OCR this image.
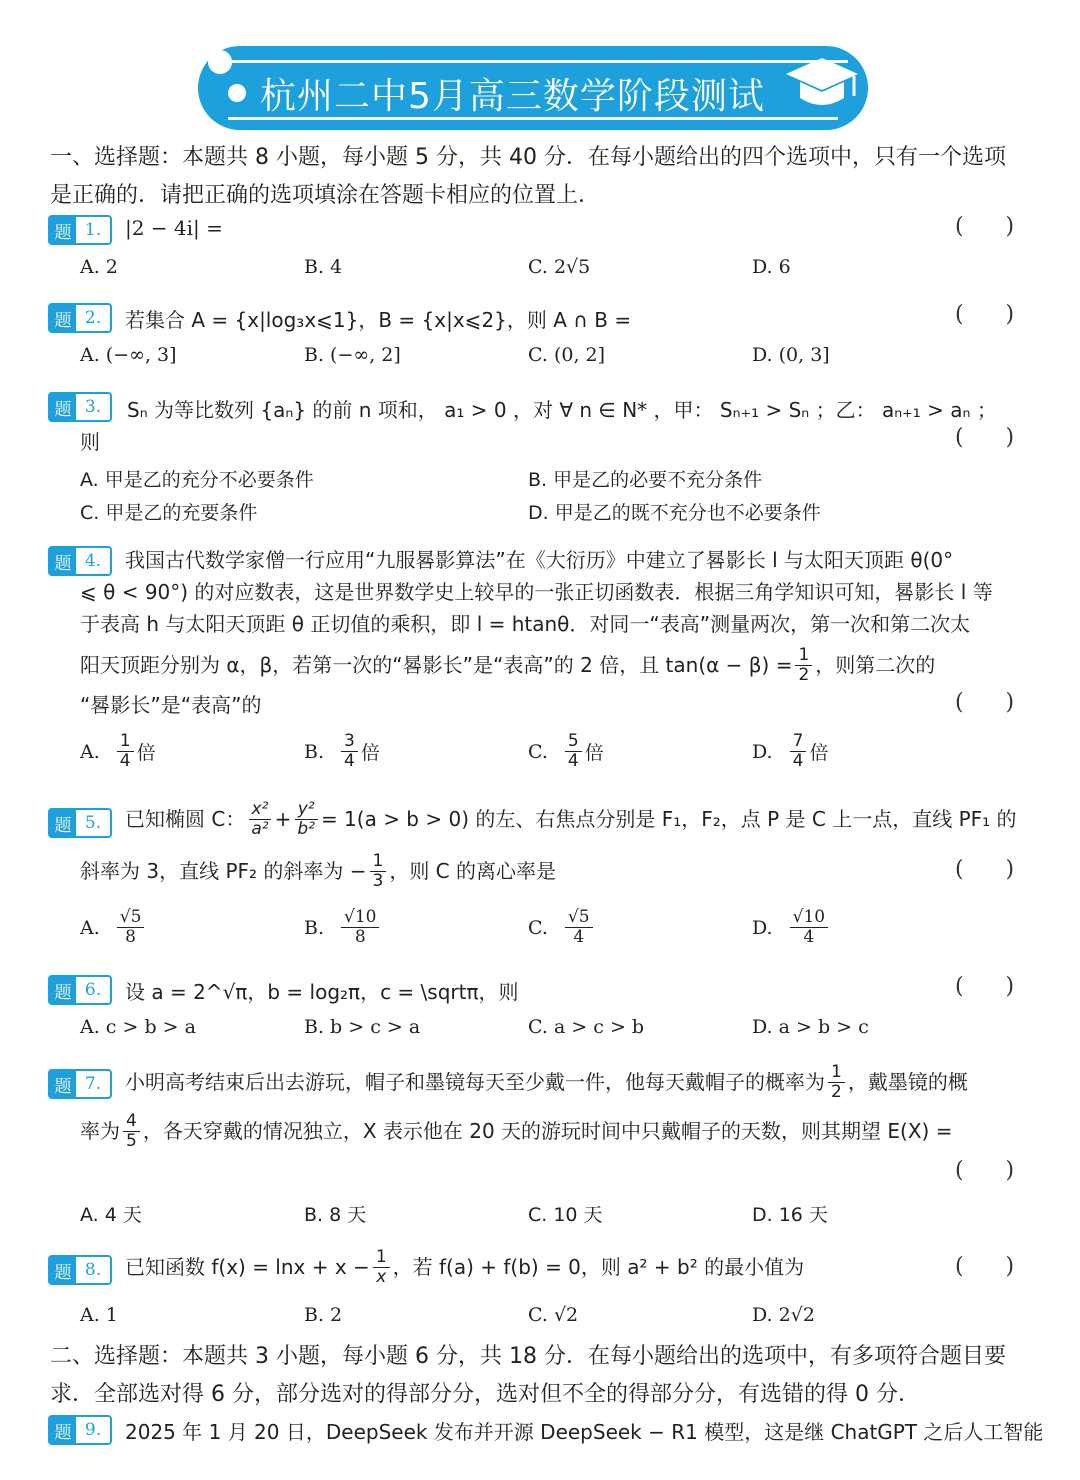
杭州二中5月高三数学阶段测试
一、选择题：本题共 8 小题，每小题 5 分，共 40 分．在每小题给出的四个选项中，只有一个选项是正确的．请把正确的选项填涂在答题卡相应的位置上．
题 1.	|2 − 4i| =	(      )
A. 2	B. 4	C. 2√5	D. 6
题 2.	若集合 A = {x|log₃x⩽1}，B = {x|x⩽2}，则 A ∩ B =	(      )
A. (−∞, 3]	B. (−∞, 2]	C. (0, 2]	D. (0, 3]
题 3.	Sₙ 为等比数列 {aₙ} 的前 n 项和， a₁ > 0 ，对 ∀ n ∈ N* ，甲： Sₙ₊₁ > Sₙ ；乙： aₙ₊₁ > aₙ ；
则	(      )
A. 甲是乙的充分不必要条件	B. 甲是乙的必要不充分条件
C. 甲是乙的充要条件	D. 甲是乙的既不充分也不必要条件
题 4.	我国古代数学家僧一行应用“九服晷影算法”在《大衍历》中建立了晷影长 l 与太阳天顶距 θ(0°
⩽ θ < 90°) 的对应数表，这是世界数学史上较早的一张正切函数表．根据三角学知识可知，晷影长 l 等
于表高 h 与太阳天顶距 θ 正切值的乘积，即 l = htanθ．对同一“表高”测量两次，第一次和第二次太
阳天顶距分别为 α，β，若第一次的“晷影长”是“表高”的 2 倍，且 $\tan(\alpha - \beta) = \frac{1}{2}$ ，则第二次的
“晷影长”是“表高”的	(      )
A. $\frac{1}{4}$ 倍	B. $\frac{3}{4}$ 倍	C. $\frac{5}{4}$ 倍	D. $\frac{7}{4}$ 倍
题 5.	已知椭圆 C： $\frac{\text{x²}}{\text{a²}} + \frac{\text{y²}}{\text{b²}} = 1(a > b > 0)$ 的左、右焦点分别是 F₁，F₂，点 P 是 C 上一点，直线 PF₁ 的
斜率为 3，直线 PF₂ 的斜率为 − $\frac{1}{3}$ ，则 C 的离心率是	(      )
A. $\frac{√5}{8}$	B. $\frac{√10}{8}$	C. $\frac{√5}{4}$	D. $\frac{√10}{4}$
题 6.	设 a = 2^√π，b = log₂π，c = \sqrtπ，则	(      )
A. c > b > a	B. b > c > a	C. a > c > b	D. a > b > c
题 7.	小明高考结束后出去游玩，帽子和墨镜每天至少戴一件，他每天戴帽子的概率为 $\frac{1}{2}$ ，戴墨镜的概
率为 $\frac{4}{5}$ ，各天穿戴的情况独立，X 表示他在 20 天的游玩时间中只戴帽子的天数，则其期望 E(X) =
(      )
A. 4 天	B. 8 天	C. 10 天	D. 16 天
题 8.	已知函数 $f(x) = \ln x + x - \frac{1}{x}$ ，若 f(a) + f(b) = 0，则 a² + b² 的最小值为	(      )
A. 1	B. 2	C. √2	D. 2√2
二、选择题：本题共 3 小题，每小题 6 分，共 18 分．在每小题给出的选项中，有多项符合题目要求．全部选对得 6 分，部分选对的得部分分，选对但不全的得部分分，有选错的得 0 分．
题 9.	2025 年 1 月 20 日，DeepSeek 发布并开源 DeepSeek − R1 模型，这是继 ChatGPT 之后人工智能
